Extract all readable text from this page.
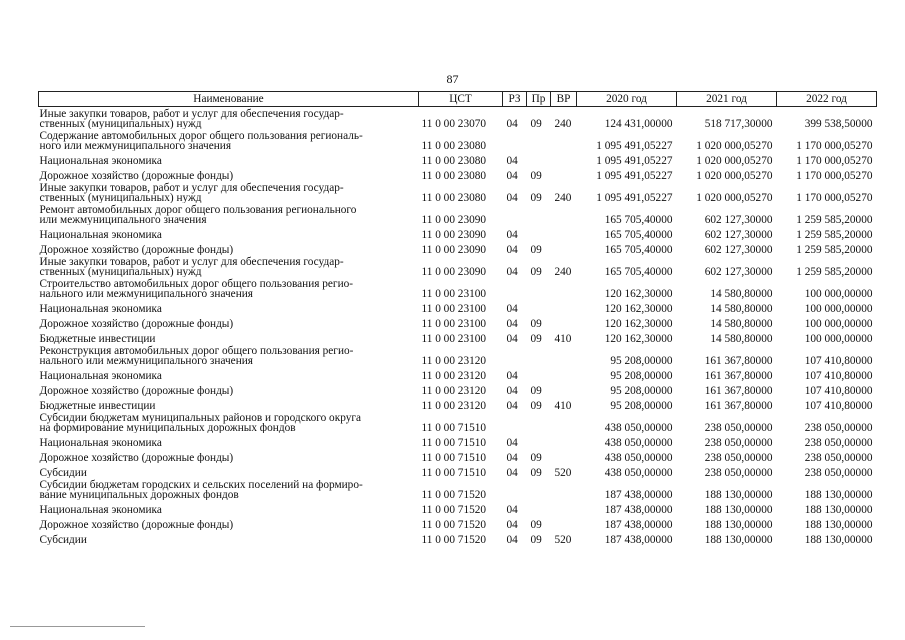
87
Наименование	ЦСТ	РЗ	Пр	ВР	2020 год	2021 год	2022 год

Иные закупки товаров, работ и услуг для обеспечения государ-
ственных (муниципальных) нужд	11 0 00 23070	04	09	240	124 431,00000	518 717,30000	399 538,50000

Содержание автомобильных дорог общего пользования региональ-
ного или межмуниципального значения	11 0 00 23080				1 095 491,05227	1 020 000,05270	1 170 000,05270

Национальная экономика	11 0 00 23080	04			1 095 491,05227	1 020 000,05270	1 170 000,05270

Дорожное хозяйство (дорожные фонды)	11 0 00 23080	04	09		1 095 491,05227	1 020 000,05270	1 170 000,05270

Иные закупки товаров, работ и услуг для обеспечения государ-
ственных (муниципальных) нужд	11 0 00 23080	04	09	240	1 095 491,05227	1 020 000,05270	1 170 000,05270

Ремонт автомобильных дорог общего пользования регионального
или межмуниципального значения	11 0 00 23090				165 705,40000	602 127,30000	1 259 585,20000

Национальная экономика	11 0 00 23090	04			165 705,40000	602 127,30000	1 259 585,20000

Дорожное хозяйство (дорожные фонды)	11 0 00 23090	04	09		165 705,40000	602 127,30000	1 259 585,20000

Иные закупки товаров, работ и услуг для обеспечения государ-
ственных (муниципальных) нужд	11 0 00 23090	04	09	240	165 705,40000	602 127,30000	1 259 585,20000

Строительство автомобильных дорог общего пользования регио-
нального или межмуниципального значения	11 0 00 23100				120 162,30000	14 580,80000	100 000,00000

Национальная экономика	11 0 00 23100	04			120 162,30000	14 580,80000	100 000,00000

Дорожное хозяйство (дорожные фонды)	11 0 00 23100	04	09		120 162,30000	14 580,80000	100 000,00000

Бюджетные инвестиции	11 0 00 23100	04	09	410	120 162,30000	14 580,80000	100 000,00000

Реконструкция автомобильных дорог общего пользования регио-
нального или межмуниципального значения	11 0 00 23120				95 208,00000	161 367,80000	107 410,80000

Национальная экономика	11 0 00 23120	04			95 208,00000	161 367,80000	107 410,80000

Дорожное хозяйство (дорожные фонды)	11 0 00 23120	04	09		95 208,00000	161 367,80000	107 410,80000

Бюджетные инвестиции	11 0 00 23120	04	09	410	95 208,00000	161 367,80000	107 410,80000

Субсидии бюджетам муниципальных районов и городского округа
на формирование муниципальных дорожных фондов	11 0 00 71510				438 050,00000	238 050,00000	238 050,00000

Национальная экономика	11 0 00 71510	04			438 050,00000	238 050,00000	238 050,00000

Дорожное хозяйство (дорожные фонды)	11 0 00 71510	04	09		438 050,00000	238 050,00000	238 050,00000

Субсидии	11 0 00 71510	04	09	520	438 050,00000	238 050,00000	238 050,00000

Субсидии бюджетам городских и сельских поселений на формиро-
вание муниципальных дорожных фондов	11 0 00 71520				187 438,00000	188 130,00000	188 130,00000

Национальная экономика	11 0 00 71520	04			187 438,00000	188 130,00000	188 130,00000

Дорожное хозяйство (дорожные фонды)	11 0 00 71520	04	09		187 438,00000	188 130,00000	188 130,00000

Субсидии	11 0 00 71520	04	09	520	187 438,00000	188 130,00000	188 130,00000
